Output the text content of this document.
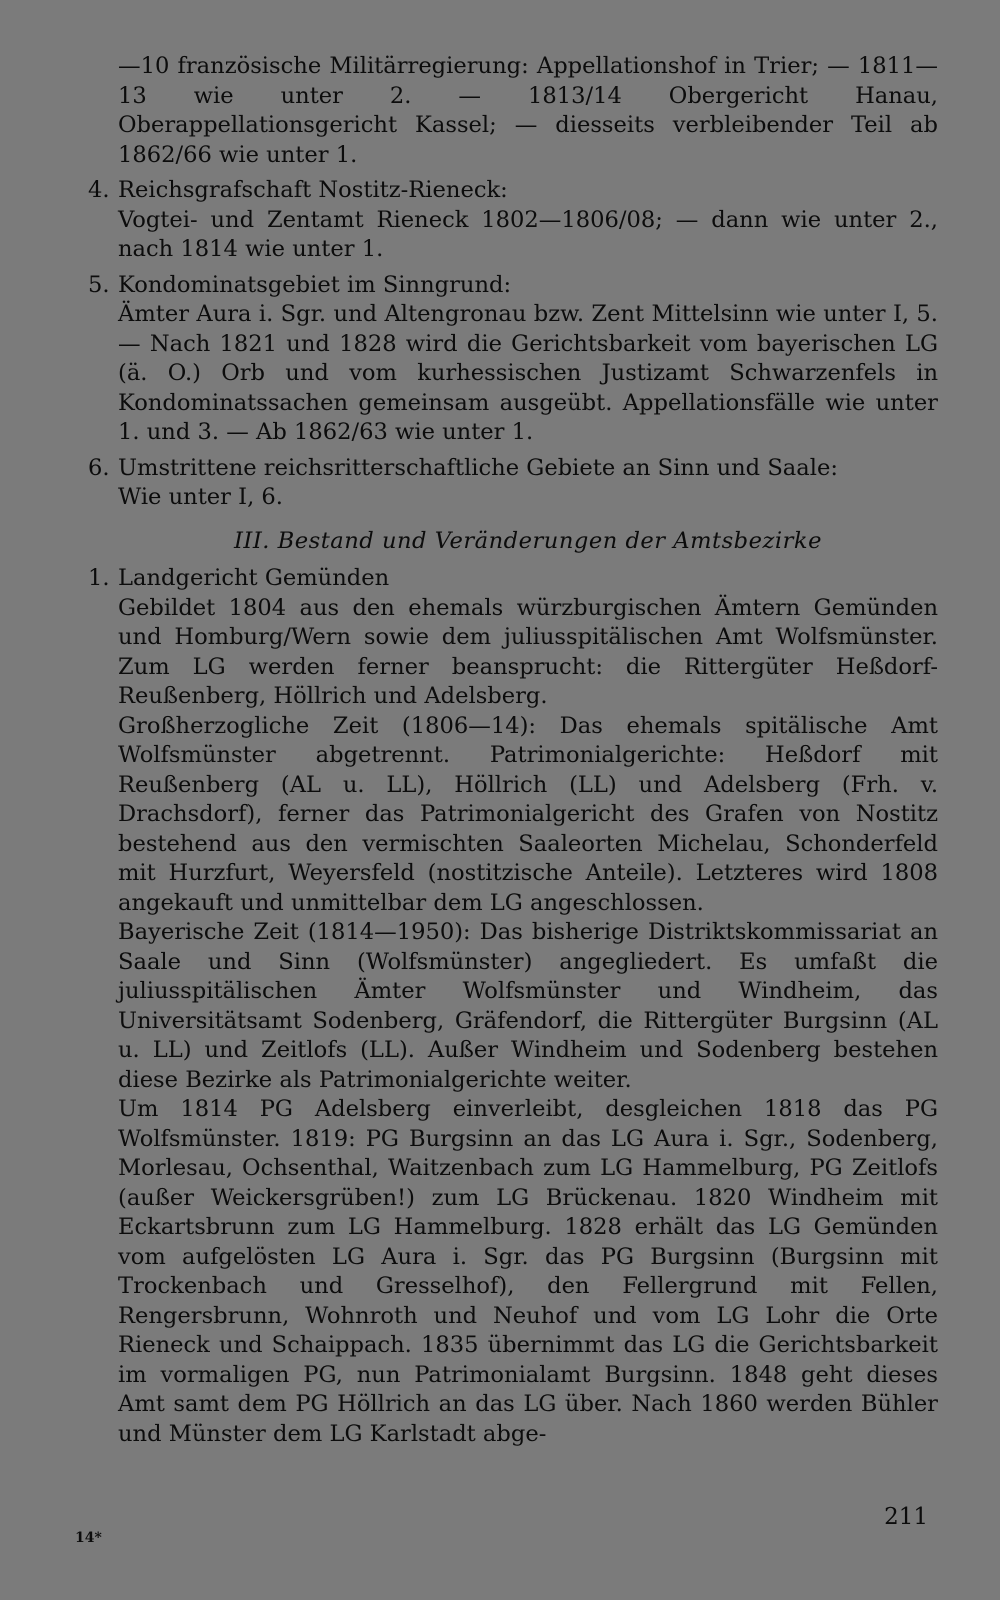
—10 französische Militärregierung: Appellationshof in Trier; — 1811—13 wie unter 2. — 1813/14 Obergericht Hanau, Oberappellationsgericht Kassel; — diesseits verbleibender Teil ab 1862/66 wie unter 1.
4. Reichsgrafschaft Nostitz-Rieneck:
Vogtei- und Zentamt Rieneck 1802—1806/08; — dann wie unter 2., nach 1814 wie unter 1.
5. Kondominatsgebiet im Sinngrund:
Ämter Aura i. Sgr. und Altengronau bzw. Zent Mittelsinn wie unter I, 5. — Nach 1821 und 1828 wird die Gerichtsbarkeit vom bayerischen LG (ä. O.) Orb und vom kurhessischen Justizamt Schwarzenfels in Kondominatssachen gemeinsam ausgeübt. Appellationsfälle wie unter 1. und 3. — Ab 1862/63 wie unter 1.
6. Umstrittene reichsritterschaftliche Gebiete an Sinn und Saale:
Wie unter I, 6.
III. Bestand und Veränderungen der Amtsbezirke
1. Landgericht Gemünden
Gebildet 1804 aus den ehemals würzburgischen Ämtern Gemünden und Homburg/Wern sowie dem juliusspitälischen Amt Wolfsmünster. Zum LG werden ferner beansprucht: die Rittergüter Heßdorf-Reußenberg, Höllrich und Adelsberg.
Großherzogliche Zeit (1806—14): Das ehemals spitälische Amt Wolfsmünster abgetrennt. Patrimonialgerichte: Heßdorf mit Reußenberg (AL u. LL), Höllrich (LL) und Adelsberg (Frh. v. Drachsdorf), ferner das Patrimonialgericht des Grafen von Nostitz bestehend aus den vermischten Saaleorten Michelau, Schonderfeld mit Hurzfurt, Weyersfeld (nostitzische Anteile). Letzteres wird 1808 angekauft und unmittelbar dem LG angeschlossen.
Bayerische Zeit (1814—1950): Das bisherige Distriktskommissariat an Saale und Sinn (Wolfsmünster) angegliedert. Es umfaßt die juliusspitälischen Ämter Wolfsmünster und Windheim, das Universitätsamt Sodenberg, Gräfendorf, die Rittergüter Burgsinn (AL u. LL) und Zeitlofs (LL). Außer Windheim und Sodenberg bestehen diese Bezirke als Patrimonialgerichte weiter.
Um 1814 PG Adelsberg einverleibt, desgleichen 1818 das PG Wolfsmünster. 1819: PG Burgsinn an das LG Aura i. Sgr., Sodenberg, Morlesau, Ochsenthal, Waitzenbach zum LG Hammelburg, PG Zeitlofs (außer Weickersgrüben!) zum LG Brückenau. 1820 Windheim mit Eckartsbrunn zum LG Hammelburg. 1828 erhält das LG Gemünden vom aufgelösten LG Aura i. Sgr. das PG Burgsinn (Burgsinn mit Trockenbach und Gresselhof), den Fellergrund mit Fellen, Rengersbrunn, Wohnroth und Neuhof und vom LG Lohr die Orte Rieneck und Schaippach. 1835 übernimmt das LG die Gerichtsbarkeit im vormaligen PG, nun Patrimonialamt Burgsinn. 1848 geht dieses Amt samt dem PG Höllrich an das LG über. Nach 1860 werden Bühler und Münster dem LG Karlstadt abge-
211
14*
